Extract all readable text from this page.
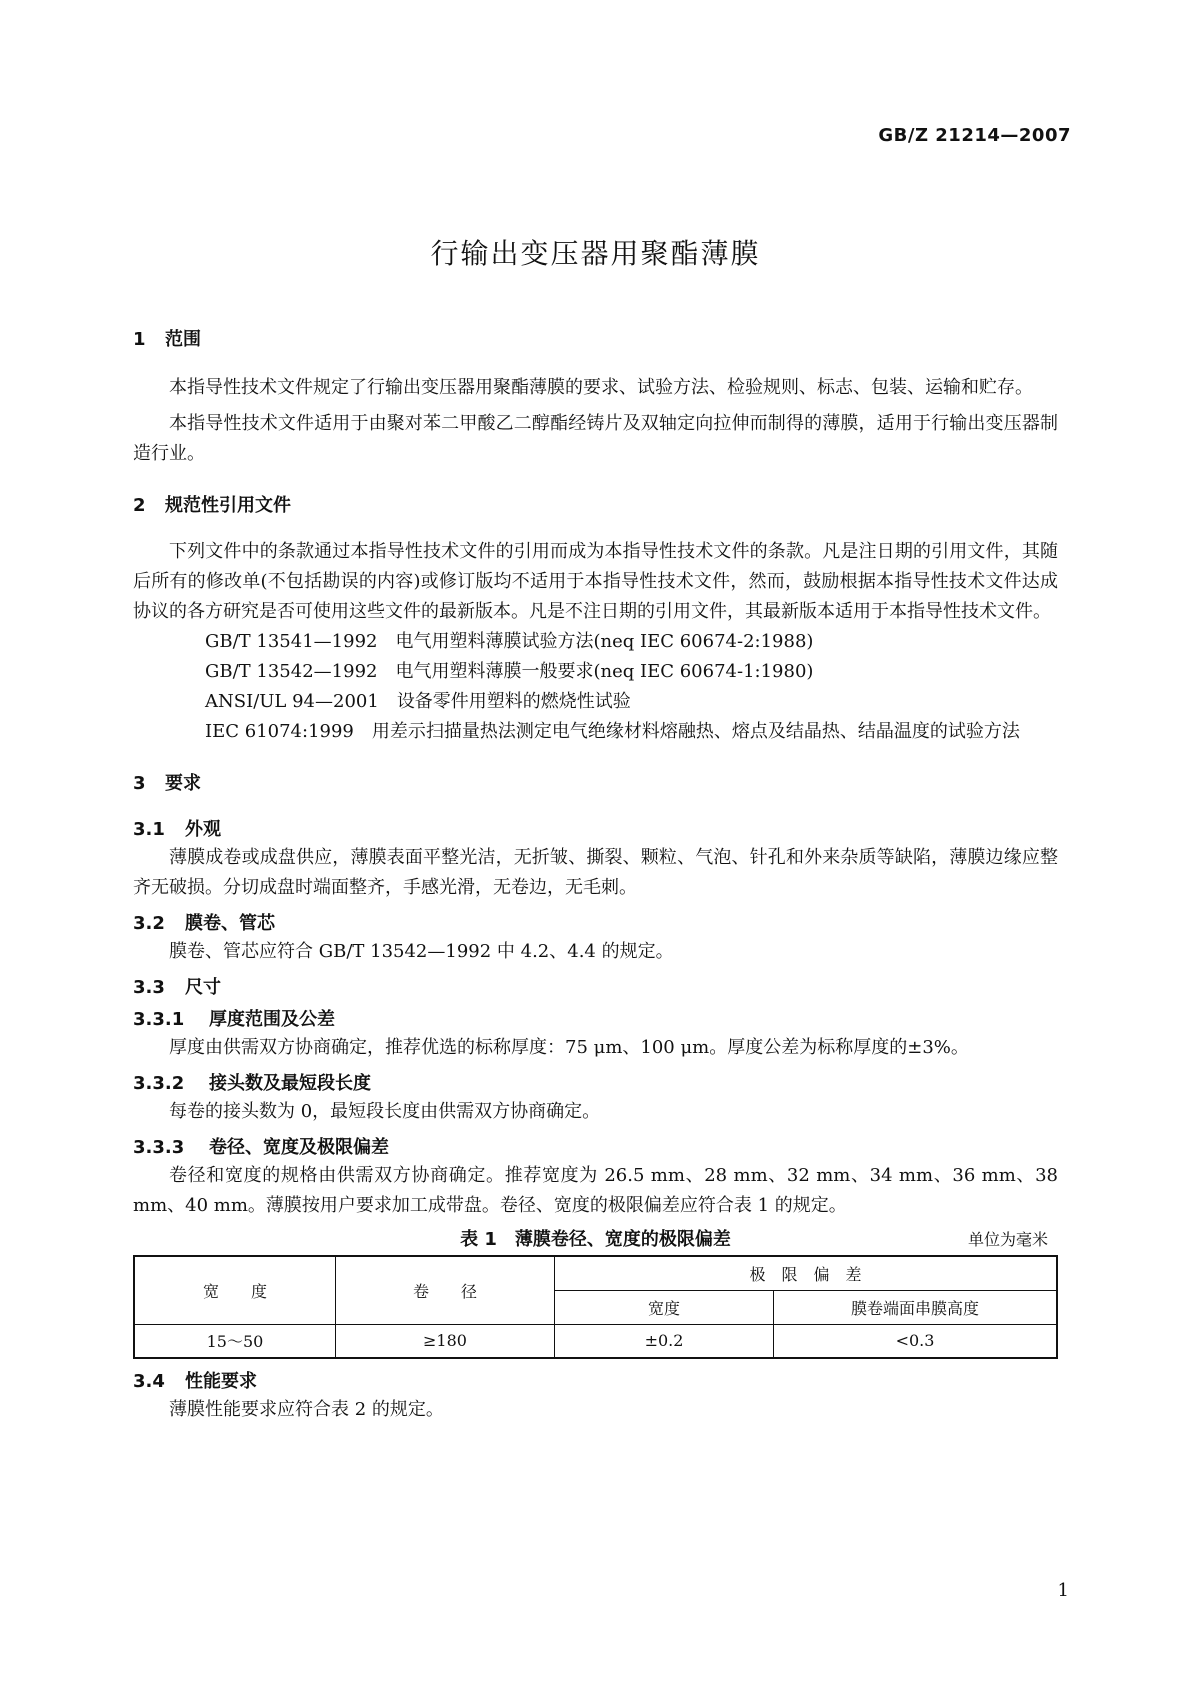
GB/Z 21214—2007
行输出变压器用聚酯薄膜
1 范围

本指导性技术文件规定了行输出变压器用聚酯薄膜的要求、试验方法、检验规则、标志、包装、运输和贮存。

本指导性技术文件适用于由聚对苯二甲酸乙二醇酯经铸片及双轴定向拉伸而制得的薄膜，适用于行输出变压器制造行业。

2 规范性引用文件

下列文件中的条款通过本指导性技术文件的引用而成为本指导性技术文件的条款。凡是注日期的引用文件，其随后所有的修改单(不包括勘误的内容)或修订版均不适用于本指导性技术文件，然而，鼓励根据本指导性技术文件达成协议的各方研究是否可使用这些文件的最新版本。凡是不注日期的引用文件，其最新版本适用于本指导性技术文件。

GB/T 13541—1992 电气用塑料薄膜试验方法(neq IEC 60674-2:1988)

GB/T 13542—1992 电气用塑料薄膜一般要求(neq IEC 60674-1:1980)

ANSI/UL 94—2001 设备零件用塑料的燃烧性试验

IEC 61074:1999 用差示扫描量热法测定电气绝缘材料熔融热、熔点及结晶热、结晶温度的试验方法

3 要求
3.1 外观

薄膜成卷或成盘供应，薄膜表面平整光洁，无折皱、撕裂、颗粒、气泡、针孔和外来杂质等缺陷，薄膜边缘应整齐无破损。分切成盘时端面整齐，手感光滑，无卷边，无毛刺。

3.2 膜卷、管芯

膜卷、管芯应符合 GB/T 13542—1992 中 4.2、4.4 的规定。

3.3 尺寸
3.3.1 厚度范围及公差

厚度由供需双方协商确定，推荐优选的标称厚度：75 μm、100 μm。厚度公差为标称厚度的±3%。

3.3.2 接头数及最短段长度

每卷的接头数为 0，最短段长度由供需双方协商确定。

3.3.3 卷径、宽度及极限偏差

卷径和宽度的规格由供需双方协商确定。推荐宽度为 26.5 mm、28 mm、32 mm、34 mm、36 mm、38 mm、40 mm。薄膜按用户要求加工成带盘。卷径、宽度的极限偏差应符合表 1 的规定。

表 1　薄膜卷径、宽度的极限偏差	单位为毫米
宽　　度	卷　　径	极　限　偏　差	
		宽度	膜卷端面串膜高度
15～50	≥180	±0.2	<0.3
3.4 性能要求

薄膜性能要求应符合表 2 的规定。

1
